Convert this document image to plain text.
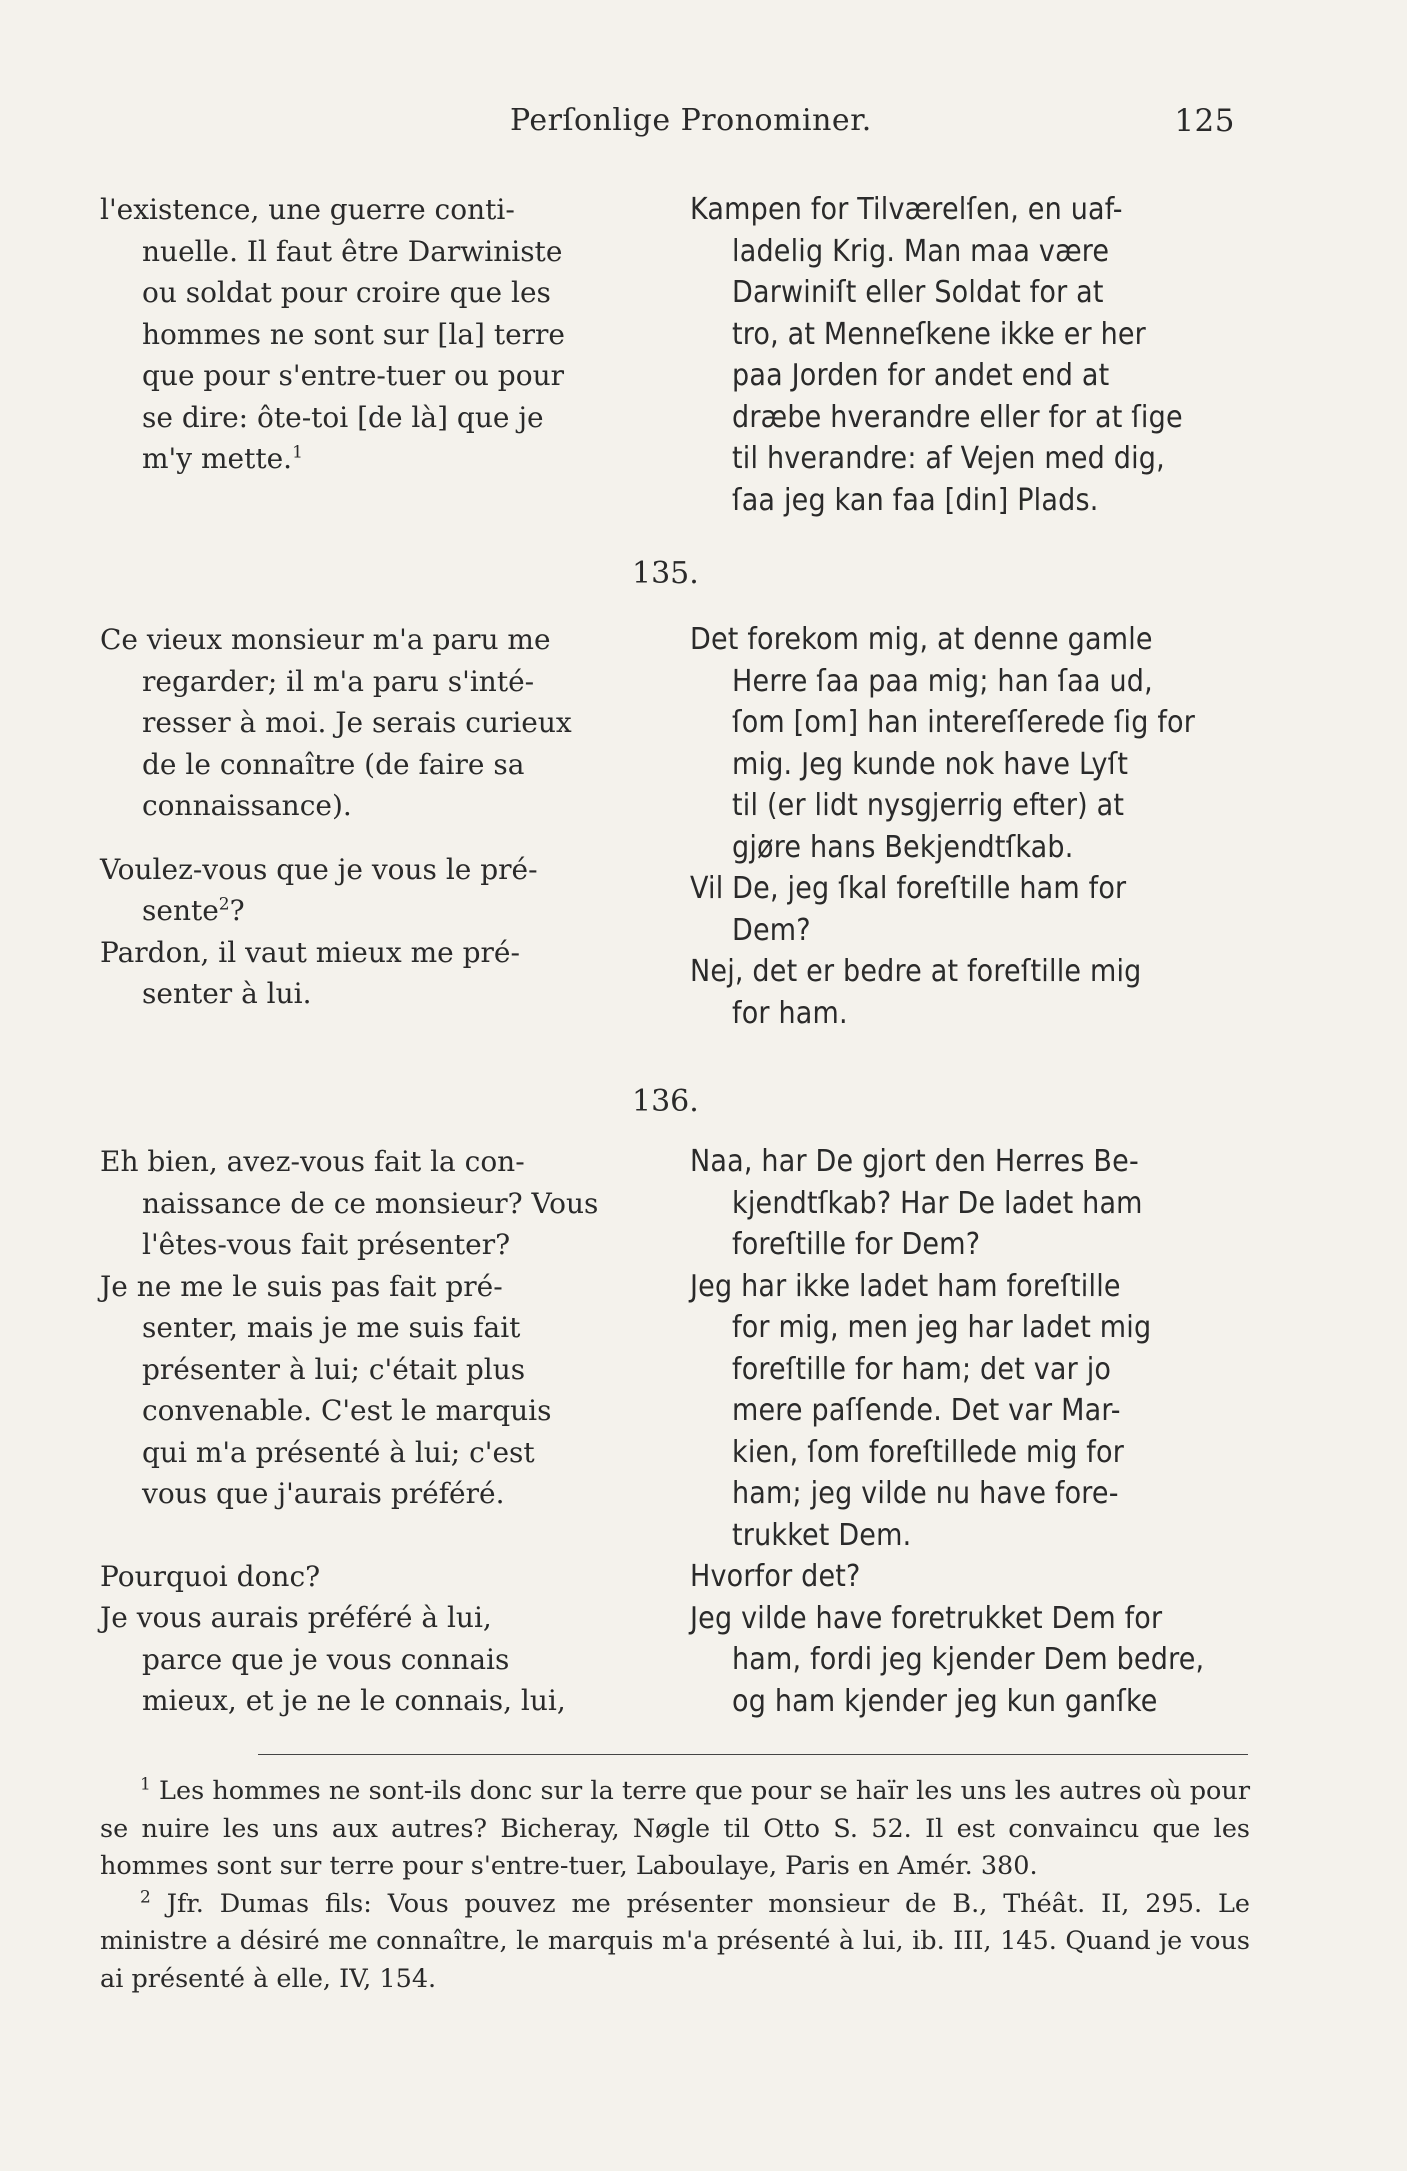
Perſonlige Pronominer.	125
l'existence, une guerre conti-
nuelle. Il faut être Darwiniste
ou soldat pour croire que les
hommes ne sont sur [la] terre
que pour s'entre-tuer ou pour
se dire: ôte-toi [de là] que je
m'y mette.$^1$
Kampen for Tilværelſen, en uaf-
ladelig Krig. Man maa være
Darwiniſt eller Soldat for at
tro, at Menneſkene ikke er her
paa Jorden for andet end at
dræbe hverandre eller for at ſige
til hverandre: af Vejen med dig,
ſaa jeg kan faa [din] Plads.
135.
Ce vieux monsieur m'a paru me
regarder; il m'a paru s'inté-
resser à moi. Je serais curieux
de le connaître (de faire sa
connaissance).
Voulez-vous que je vous le pré-
sente$^2$?
Pardon, il vaut mieux me pré-
senter à lui.
Det forekom mig, at denne gamle
Herre ſaa paa mig; han ſaa ud,
ſom [om] han intereſſerede ſig for
mig. Jeg kunde nok have Lyſt
til (er lidt nysgjerrig efter) at
gjøre hans Bekjendtſkab.
Vil De, jeg ſkal foreſtille ham for
Dem?
Nej, det er bedre at foreſtille mig
for ham.
136.
Eh bien, avez-vous fait la con-
naissance de ce monsieur? Vous
l'êtes-vous fait présenter?
Je ne me le suis pas fait pré-
senter, mais je me suis fait
présenter à lui; c'était plus
convenable. C'est le marquis
qui m'a présenté à lui; c'est
vous que j'aurais préféré.
Pourquoi donc?
Je vous aurais préféré à lui,
parce que je vous connais
mieux, et je ne le connais, lui,
Naa, har De gjort den Herres Be-
kjendtſkab? Har De ladet ham
foreſtille for Dem?
Jeg har ikke ladet ham foreſtille
for mig, men jeg har ladet mig
foreſtille for ham; det var jo
mere paſſende. Det var Mar-
kien, ſom foreſtillede mig for
ham; jeg vilde nu have fore-
trukket Dem.
Hvorfor det?
Jeg vilde have foretrukket Dem for
ham, fordi jeg kjender Dem bedre,
og ham kjender jeg kun ganſke

$^1$ Les hommes ne sont-ils donc sur la terre que pour se haïr les uns les autres où pour se nuire les uns aux autres? Bicheray, Nøgle til Otto S. 52. Il est convaincu que les hommes sont sur terre pour s'entre-tuer, Laboulaye, Paris en Amér. 380.

$^2$ Jfr. Dumas fils: Vous pouvez me présenter monsieur de B., Théât. II, 295. Le ministre a désiré me connaître, le marquis m'a présenté à lui, ib. III, 145. Quand je vous ai présenté à elle, IV, 154.
